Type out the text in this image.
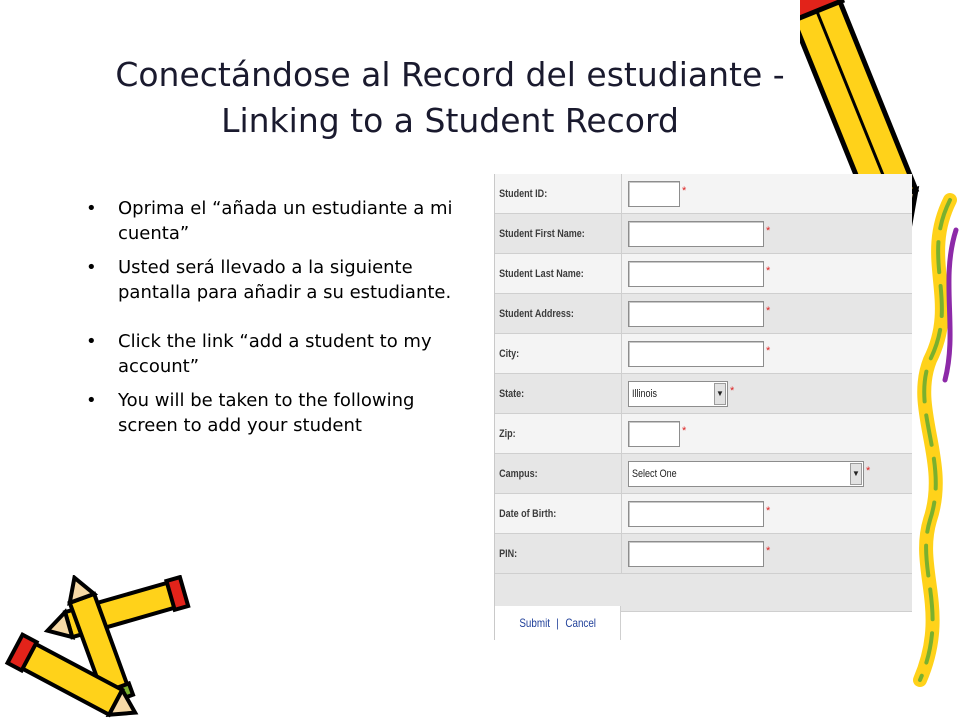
Conectándose al Record del estudiante - Linking to a Student Record
• Oprima el “añada un estudiante a mi cuenta”
• Usted será llevado a la siguiente pantalla para añadir a su estudiante.
• Click the link “add a student to my account”
• You will be taken to the following screen to add your student
Student ID:	*
Student First Name:	*
Student Last Name:	*
Student Address:	*
City:	*
State:	Illinois	▼ *
Zip:	*
Campus:	Select One	▼ *
Date of Birth:	*
PIN:	*
Submit | Cancel
